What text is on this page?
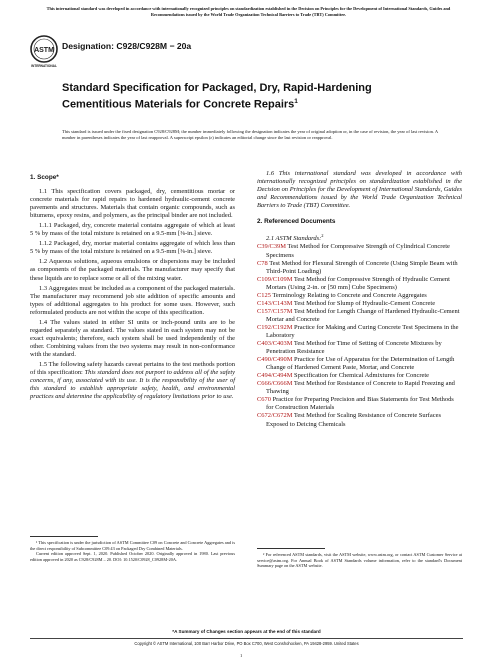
This international standard was developed in accordance with internationally recognized principles on standardization established in the Decision on Principles for the Development of International Standards, Guides and Recommendations issued by the World Trade Organization Technical Barriers to Trade (TBT) Committee.
ASTM
INTERNATIONAL
Designation: C928/C928M − 20a
Standard Specification for Packaged, Dry, Rapid-Hardening Cementitious Materials for Concrete Repairs$^1$
This standard is issued under the fixed designation C928/C928M; the number immediately following the designation indicates the year of original adoption or, in the case of revision, the year of last revision. A number in parentheses indicates the year of last reapproval. A superscript epsilon (ε) indicates an editorial change since the last revision or reapproval.
1. Scope*

1.1 This specification covers packaged, dry, cementitious mortar or concrete materials for rapid repairs to hardened hydraulic-cement concrete pavements and structures. Materials that contain organic compounds, such as bitumens, epoxy resins, and polymers, as the principal binder are not included.

1.1.1 Packaged, dry, concrete material contains aggregate of which at least 5 % by mass of the total mixture is retained on a 9.5-mm [⅜-in.] sieve.

1.1.2 Packaged, dry, mortar material contains aggregate of which less than 5 % by mass of the total mixture is retained on a 9.5-mm [⅜-in.] sieve.

1.2 Aqueous solutions, aqueous emulsions or dispersions may be included as components of the packaged materials. The manufacturer may specify that these liquids are to replace some or all of the mixing water.

1.3 Aggregates must be included as a component of the packaged materials. The manufacturer may recommend job site addition of specific amounts and types of additional aggregates to his product for some uses. However, such reformulated products are not within the scope of this specification.

1.4 The values stated in either SI units or inch-pound units are to be regarded separately as standard. The values stated in each system may not be exact equivalents; therefore, each system shall be used independently of the other. Combining values from the two systems may result in non-conformance with the standard.

1.5 The following safety hazards caveat pertains to the test methods portion of this specification: This standard does not purport to address all of the safety concerns, if any, associated with its use. It is the responsibility of the user of this standard to establish appropriate safety, health, and environmental practices and determine the applicability of regulatory limitations prior to use.

1.6 This international standard was developed in accordance with internationally recognized principles on standardization established in the Decision on Principles for the Development of International Standards, Guides and Recommendations issued by the World Trade Organization Technical Barriers to Trade (TBT) Committee.

2. Referenced Documents
2.1 ASTM Standards:$^2$
C39/C39M Test Method for Compressive Strength of Cylindrical Concrete Specimens
C78 Test Method for Flexural Strength of Concrete (Using Simple Beam with Third-Point Loading)
C109/C109M Test Method for Compressive Strength of Hydraulic Cement Mortars (Using 2-in. or [50 mm] Cube Specimens)
C125 Terminology Relating to Concrete and Concrete Aggregates
C143/C143M Test Method for Slump of Hydraulic-Cement Concrete
C157/C157M Test Method for Length Change of Hardened Hydraulic-Cement Mortar and Concrete
C192/C192M Practice for Making and Curing Concrete Test Specimens in the Laboratory
C403/C403M Test Method for Time of Setting of Concrete Mixtures by Penetration Resistance
C490/C490M Practice for Use of Apparatus for the Determination of Length Change of Hardened Cement Paste, Mortar, and Concrete
C494/C494M Specification for Chemical Admixtures for Concrete
C666/C666M Test Method for Resistance of Concrete to Rapid Freezing and Thawing
C670 Practice for Preparing Precision and Bias Statements for Test Methods for Construction Materials
C672/C672M Test Method for Scaling Resistance of Concrete Surfaces Exposed to Deicing Chemicals
¹ This specification is under the jurisdiction of ASTM Committee C09 on Concrete and Concrete Aggregates and is the direct responsibility of Subcommittee C09.43 on Packaged Dry Combined Materials.
Current edition approved Sept. 1, 2020. Published October 2020. Originally approved in 1980. Last previous edition approved in 2020 as C928/C928M – 20. DOI: 10.1520/C0928_C0928M-20A.
² For referenced ASTM standards, visit the ASTM website, www.astm.org, or contact ASTM Customer Service at service@astm.org. For Annual Book of ASTM Standards volume information, refer to the standard's Document Summary page on the ASTM website.
*A Summary of Changes section appears at the end of this standard
Copyright © ASTM International, 100 Barr Harbor Drive, PO Box C700, West Conshohocken, PA 19428-2959. United States
1
